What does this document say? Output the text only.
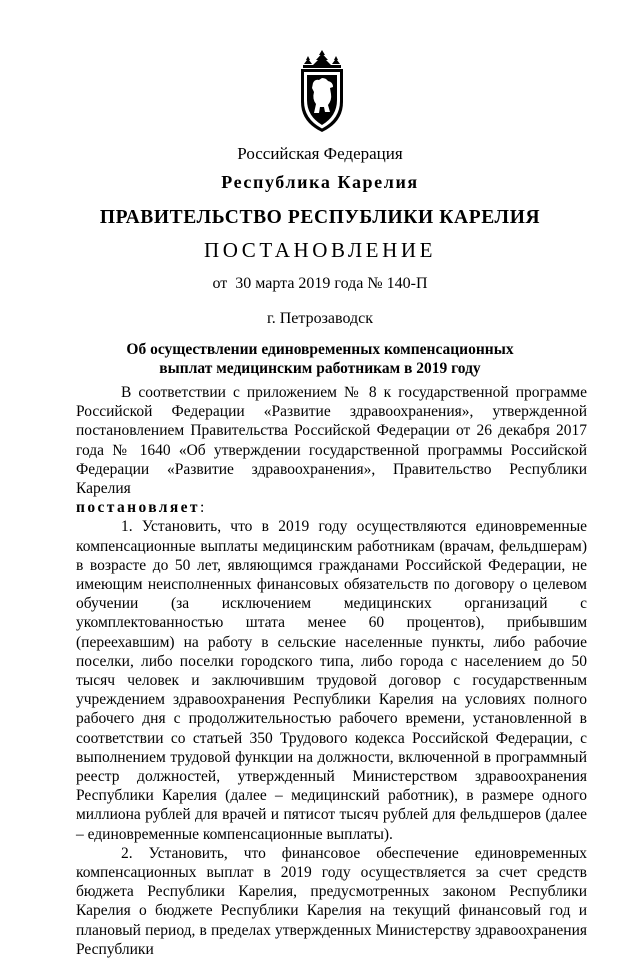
Российская Федерация
Республика Карелия
ПРАВИТЕЛЬСТВО РЕСПУБЛИКИ КАРЕЛИЯ
ПОСТАНОВЛЕНИЕ
от  30 марта 2019 года № 140-П
г. Петрозаводск
Об осуществлении единовременных компенсационных
выплат медицинским работникам в 2019 году

В соответствии с приложением № 8 к государственной программе Российской Федерации «Развитие здравоохранения», утвержденной постановлением Правительства Российской Федерации от 26 декабря 2017 года № 1640 «Об утверждении государственной программы Российской Федерации «Развитие здравоохранения», Правительство Республики Карелия

постановляет:

1. Установить, что в 2019 году осуществляются единовременные компенсационные выплаты медицинским работникам (врачам, фельдшерам) в возрасте до 50 лет, являющимся гражданами Российской Федерации, не имеющим неисполненных финансовых обязательств по договору о целевом обучении (за исключением медицинских организаций с укомплектованностью штата менее 60 процентов), прибывшим (переехавшим) на работу в сельские населенные пункты, либо рабочие поселки, либо поселки городского типа, либо города с населением до 50 тысяч человек и заключившим трудовой договор с государственным учреждением здравоохранения Республики Карелия на условиях полного рабочего дня с продолжительностью рабочего времени, установленной в соответствии со статьей 350 Трудового кодекса Российской Федерации, с выполнением трудовой функции на должности, включенной в программный реестр должностей, утвержденный Министерством здравоохранения Республики Карелия (далее – медицинский работник), в размере одного миллиона рублей для врачей и пятисот тысяч рублей для фельдшеров (далее – единовременные компенсационные выплаты).

2. Установить, что финансовое обеспечение единовременных компенсационных выплат в 2019 году осуществляется за счет средств бюджета Республики Карелия, предусмотренных законом Республики Карелия о бюджете Республики Карелия на текущий финансовый год и плановый период, в пределах утвержденных Министерству здравоохранения Республики
